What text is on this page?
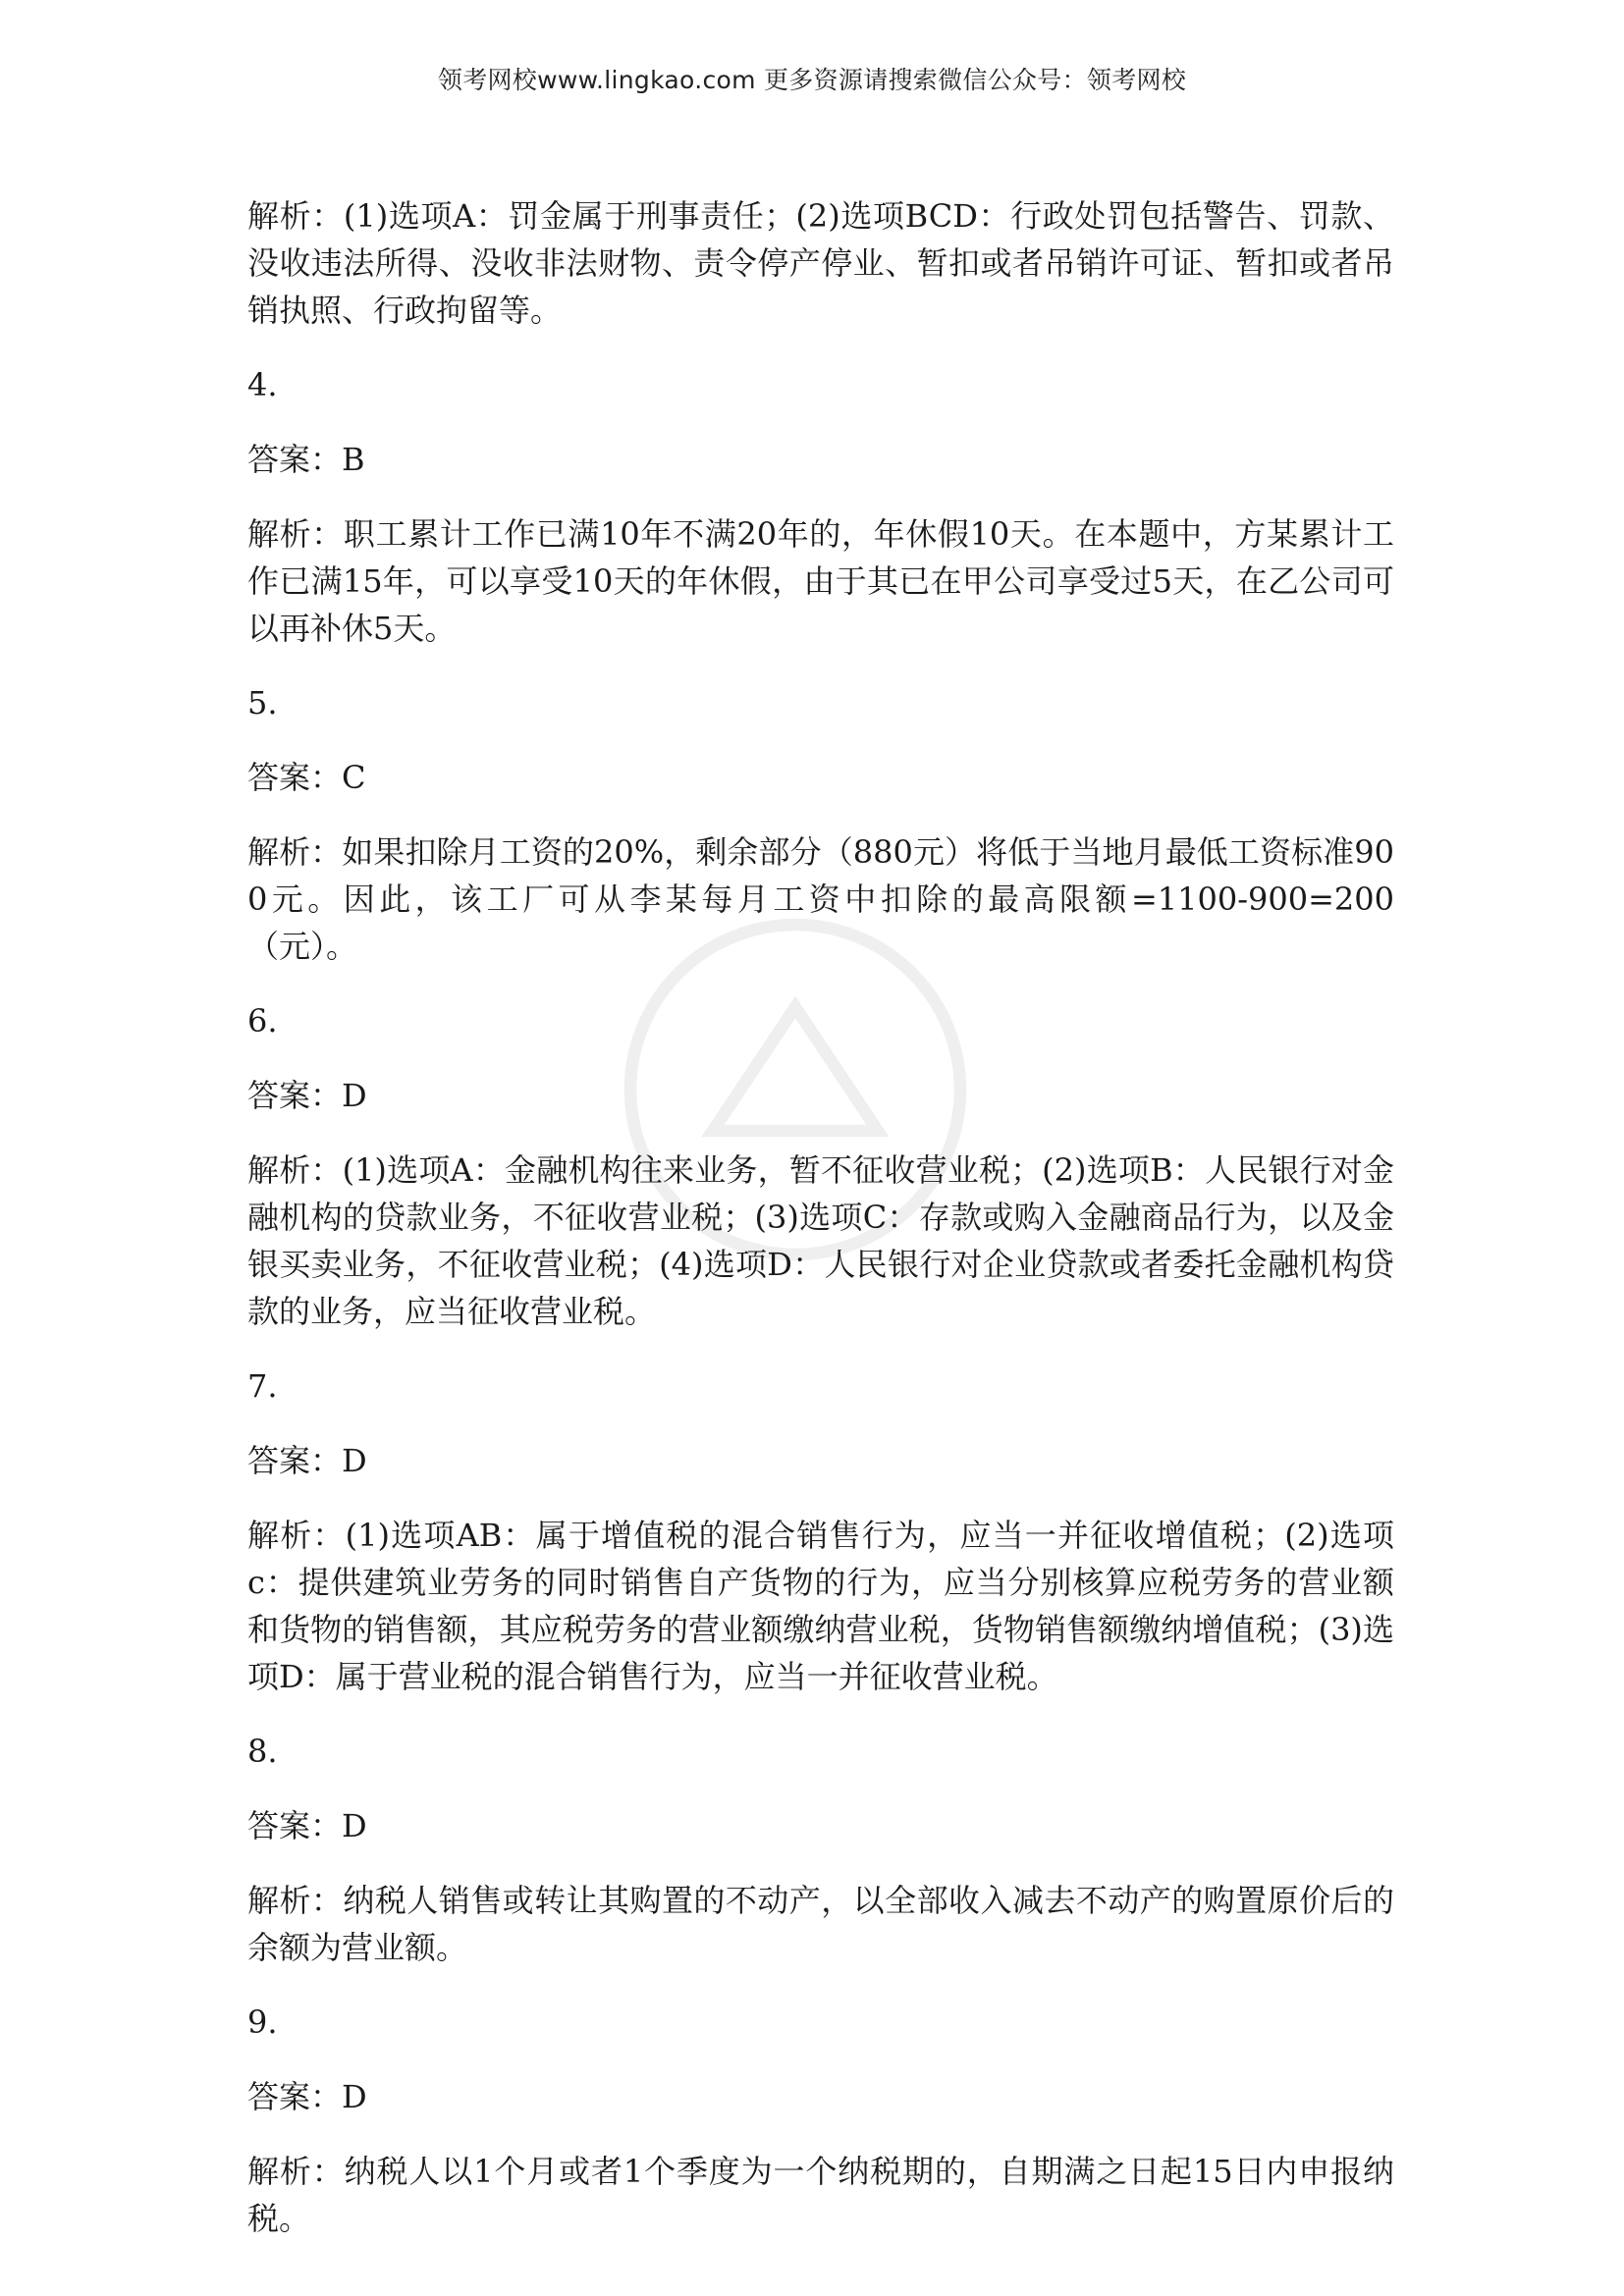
领考网校www.lingkao.com 更多资源请搜索微信公众号：领考网校
解析：(1)选项A：罚金属于刑事责任；(2)选项BCD：行政处罚包括警告、罚款、没收违法所得、没收非法财物、责令停产停业、暂扣或者吊销许可证、暂扣或者吊销执照、行政拘留等。
4.
答案：B
解析：职工累计工作已满10年不满20年的，年休假10天。在本题中，方某累计工作已满15年，可以享受10天的年休假，由于其已在甲公司享受过5天，在乙公司可以再补休5天。
5.
答案：C
解析：如果扣除月工资的20%，剩余部分（880元）将低于当地月最低工资标准900元。因此，该工厂可从李某每月工资中扣除的最高限额=1100-900=200（元）。
6.
答案：D
解析：(1)选项A：金融机构往来业务，暂不征收营业税；(2)选项B：人民银行对金融机构的贷款业务，不征收营业税；(3)选项C：存款或购入金融商品行为，以及金银买卖业务，不征收营业税；(4)选项D：人民银行对企业贷款或者委托金融机构贷款的业务，应当征收营业税。
7.
答案：D
解析：(1)选项AB：属于增值税的混合销售行为，应当一并征收增值税；(2)选项c：提供建筑业劳务的同时销售自产货物的行为，应当分别核算应税劳务的营业额和货物的销售额，其应税劳务的营业额缴纳营业税，货物销售额缴纳增值税；(3)选项D：属于营业税的混合销售行为，应当一并征收营业税。
8.
答案：D
解析：纳税人销售或转让其购置的不动产，以全部收入减去不动产的购置原价后的余额为营业额。
9.
答案：D
解析：纳税人以1个月或者1个季度为一个纳税期的，自期满之日起15日内申报纳税。
